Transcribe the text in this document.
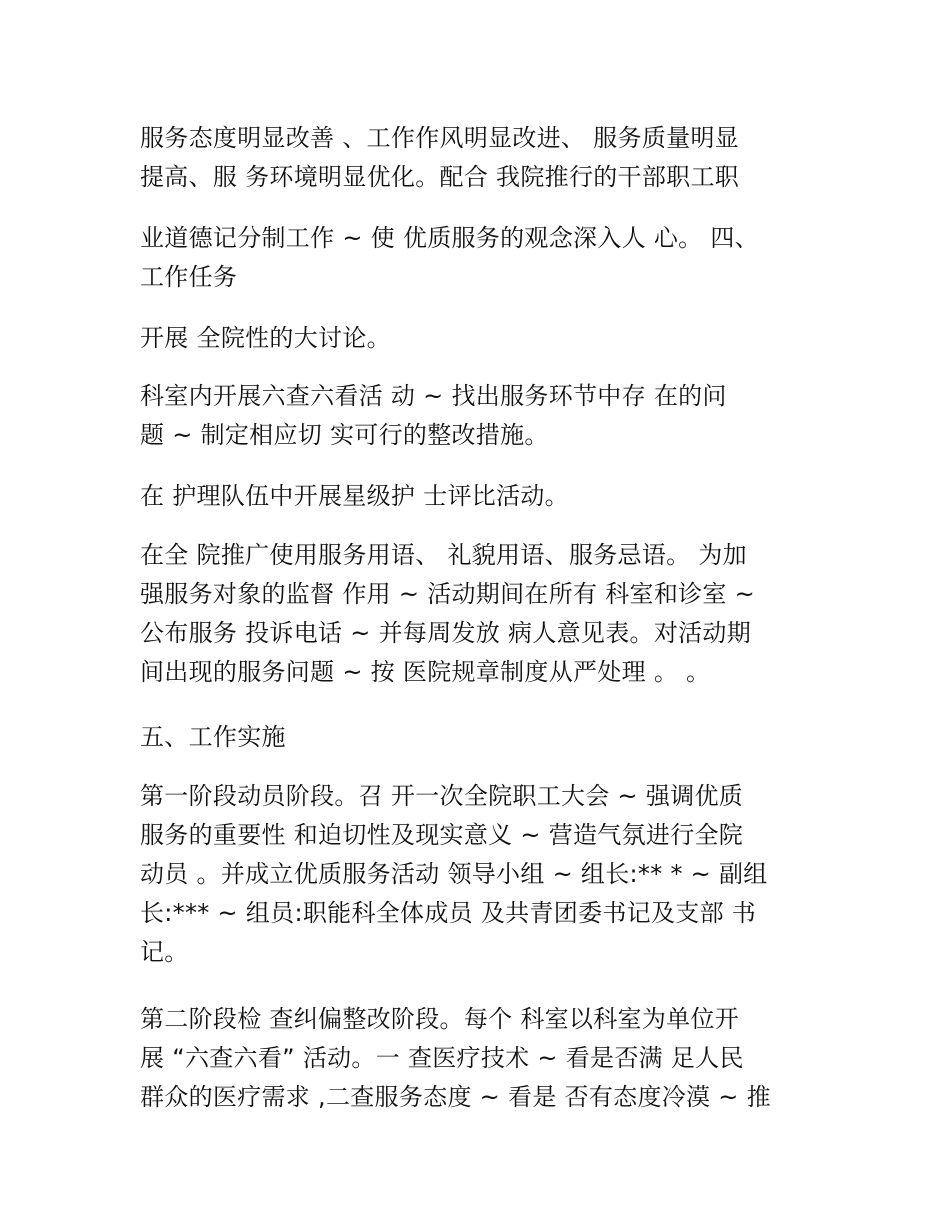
服务态度明显改善 、工作作风明显改进、 服务质量明显
提高、服 务环境明显优化。配合 我院推行的干部职工职

业道德记分制工作 ~ 使 优质服务的观念深入人 心。 四、
工作任务

开展 全院性的大讨论。

科室内开展六查六看活 动 ~ 找出服务环节中存 在的问
题 ~ 制定相应切 实可行的整改措施。

在 护理队伍中开展星级护 士评比活动。

在全 院推广使用服务用语、 礼貌用语、服务忌语。 为加
强服务对象的监督 作用 ~ 活动期间在所有 科室和诊室 ~
公布服务 投诉电话 ~ 并每周发放 病人意见表。对活动期
间出现的服务问题 ~ 按 医院规章制度从严处理 。 。

五、工作实施

第一阶段动员阶段。召 开一次全院职工大会 ~ 强调优质
服务的重要性 和迫切性及现实意义 ~ 营造气氛进行全院
动员 。并成立优质服务活动 领导小组 ~ 组长:** * ~ 副组
长:*** ~ 组员:职能科全体成员 及共青团委书记及支部 书
记。

第二阶段检 查纠偏整改阶段。每个 科室以科室为单位开
展 “六查六看” 活动。一 查医疗技术 ~ 看是否满 足人民
群众的医疗需求 ,二查服务态度 ~ 看是 否有态度冷漠 ~ 推
